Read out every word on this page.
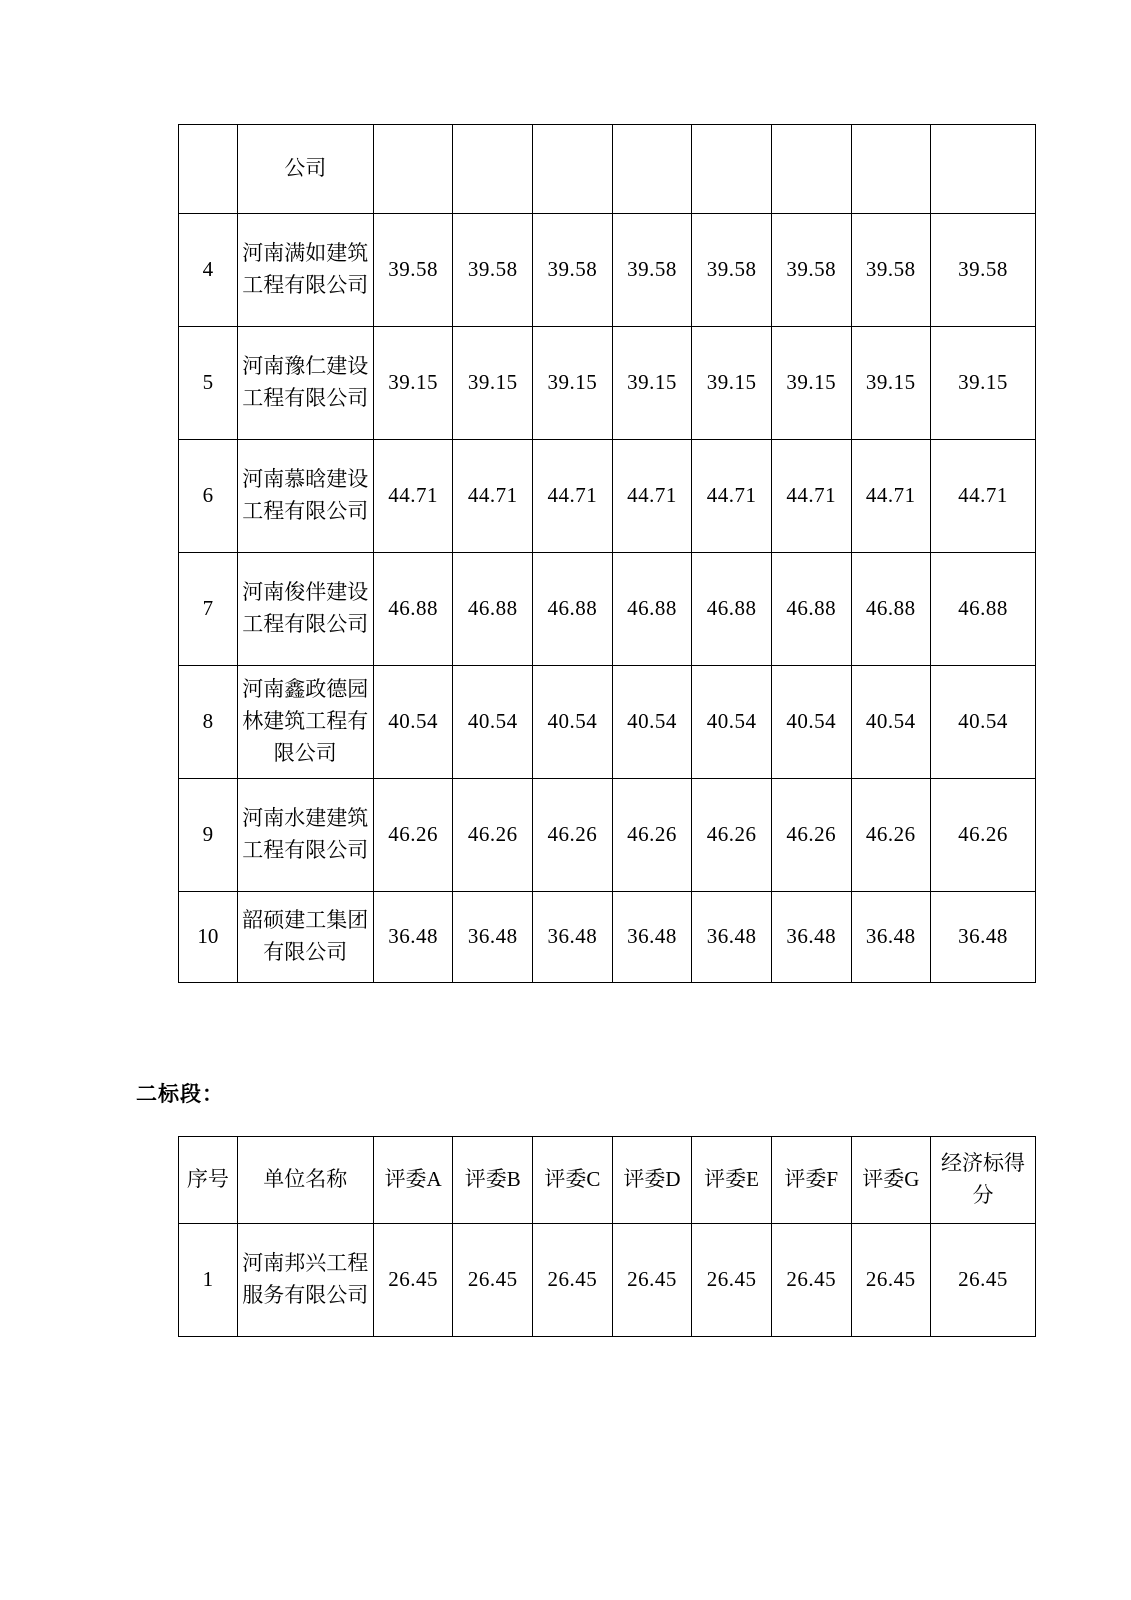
	公司								
4	河南满如建筑工程有限公司	39.58	39.58	39.58	39.58	39.58	39.58	39.58	39.58
5	河南豫仁建设工程有限公司	39.15	39.15	39.15	39.15	39.15	39.15	39.15	39.15
6	河南慕晗建设工程有限公司	44.71	44.71	44.71	44.71	44.71	44.71	44.71	44.71
7	河南俊伴建设工程有限公司	46.88	46.88	46.88	46.88	46.88	46.88	46.88	46.88
8	河南鑫政德园林建筑工程有限公司	40.54	40.54	40.54	40.54	40.54	40.54	40.54	40.54
9	河南水建建筑工程有限公司	46.26	46.26	46.26	46.26	46.26	46.26	46.26	46.26
10	韶硕建工集团有限公司	36.48	36.48	36.48	36.48	36.48	36.48	36.48	36.48
二标段：
序号	单位名称	评委A	评委B	评委C	评委D	评委E	评委F	评委G	经济标得分
1	河南邦兴工程服务有限公司	26.45	26.45	26.45	26.45	26.45	26.45	26.45	26.45
